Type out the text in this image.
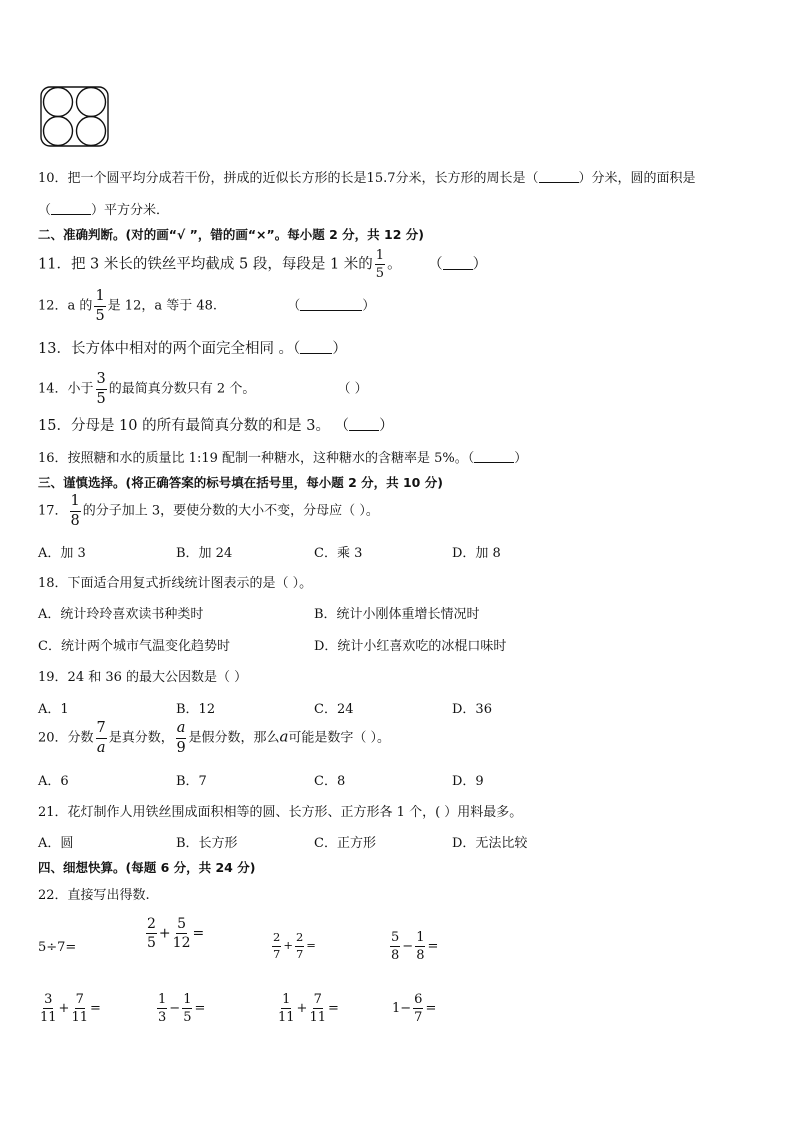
10．把一个圆平均分成若干份，拼成的近似长方形的长是15.7分米，长方形的周长是（	）分米，圆的面积是
（	）平方分米．
二、准确判断。(对的画“√ ”，错的画“×”。每小题 2 分，共 12 分)
11．把 3 米长的铁丝平均截成 5 段，每段是 1 米的 $\frac{1}{5}$ 。 （ ）
12．a 的 $\frac{1}{5}$ 是 12，a 等于 48.	（	）
13．长方体中相对的两个面完全相同 。（ ）
14．小于 $\frac{3}{5}$ 的最简真分数只有 2 个。	（ ）
15．分母是 10 的所有最简真分数的和是 3。 （ ）
16．按照糖和水的质量比 1:19 配制一种糖水，这种糖水的含糖率是 5%。（	）
三、谨慎选择。(将正确答案的标号填在括号里，每小题 2 分，共 10 分)
17． $\frac{1}{8}$ 的分子加上 3，要使分数的大小不变，分母应（ ）。
A．加 3	B．加 24	C．乘 3	D．加 8
18．下面适合用复式折线统计图表示的是（ ）。
A．统计玲玲喜欢读书种类时	B．统计小刚体重增长情况时
C．统计两个城市气温变化趋势时	D．统计小红喜欢吃的冰棍口味时
19．24 和 36 的最大公因数是（ ）
A．1	B．12	C．24	D．36
20．分数 $\frac{7}{a}$ 是真分数， $\frac{a}{9}$ 是假分数，那么a可能是数字（ ）。
A．6	B．7	C．8	D．9
21．花灯制作人用铁丝围成面积相等的圆、长方形、正方形各 1 个，( ）用料最多。
A．圆	B．长方形	C．正方形	D．无法比较
四、细想快算。(每题 6 分，共 24 分)
22．直接写出得数.
5÷7=	$\frac{2}{5} + \frac{5}{12}$ =	$\frac{2}{7} + \frac{2}{7}$ =	$\frac{5}{8} - \frac{1}{8}$ =
$\frac{3}{11} + \frac{7}{11}$ =	$\frac{1}{3} - \frac{1}{5}$ =	$\frac{1}{11} + \frac{7}{11}$ =	$1- \frac{6}{7}$ =
